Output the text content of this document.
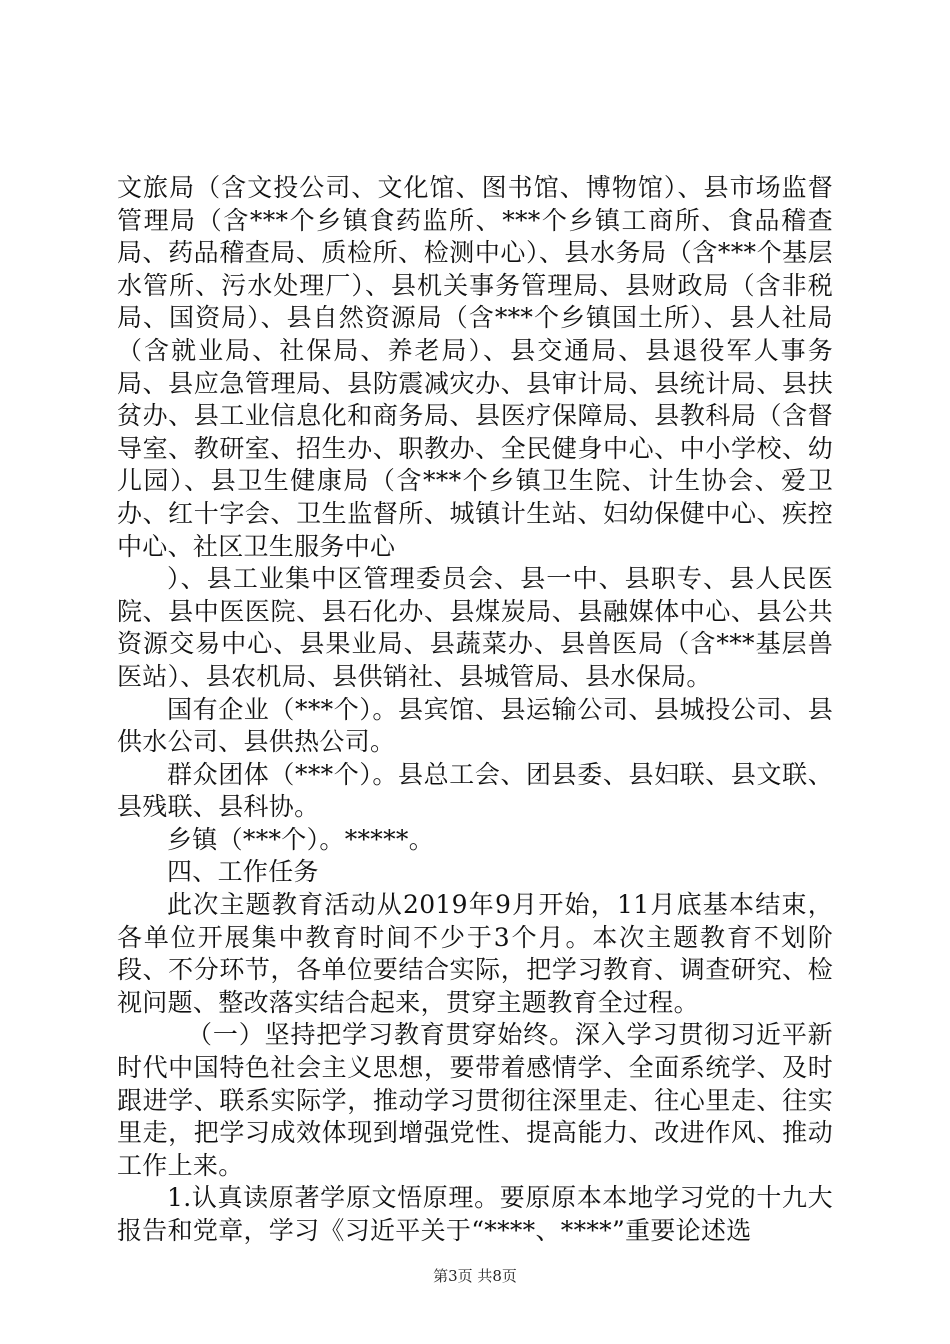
文旅局（含文投公司、文化馆、图书馆、博物馆）、县市场监督管理局（含***个乡镇食药监所、***个乡镇工商所、食品稽查局、药品稽查局、质检所、检测中心）、县水务局（含***个基层水管所、污水处理厂）、县机关事务管理局、县财政局（含非税局、国资局）、县自然资源局（含***个乡镇国土所）、县人社局（含就业局、社保局、养老局）、县交通局、县退役军人事务局、县应急管理局、县防震减灾办、县审计局、县统计局、县扶贫办、县工业信息化和商务局、县医疗保障局、县教科局（含督导室、教研室、招生办、职教办、全民健身中心、中小学校、幼儿园）、县卫生健康局（含***个乡镇卫生院、计生协会、爱卫办、红十字会、卫生监督所、城镇计生站、妇幼保健中心、疾控中心、社区卫生服务中心

）、县工业集中区管理委员会、县一中、县职专、县人民医院、县中医医院、县石化办、县煤炭局、县融媒体中心、县公共资源交易中心、县果业局、县蔬菜办、县兽医局（含***基层兽医站）、县农机局、县供销社、县城管局、县水保局。

国有企业（***个）。县宾馆、县运输公司、县城投公司、县供水公司、县供热公司。

群众团体（***个）。县总工会、团县委、县妇联、县文联、县残联、县科协。

乡镇（***个）。*****。

四、工作任务

此次主题教育活动从2019年9月开始，11月底基本结束，各单位开展集中教育时间不少于3个月。本次主题教育不划阶段、不分环节，各单位要结合实际，把学习教育、调查研究、检视问题、整改落实结合起来，贯穿主题教育全过程。

（一）坚持把学习教育贯穿始终。深入学习贯彻习近平新时代中国特色社会主义思想，要带着感情学、全面系统学、及时跟进学、联系实际学，推动学习贯彻往深里走、往心里走、往实里走，把学习成效体现到增强党性、提高能力、改进作风、推动工作上来。

1.认真读原著学原文悟原理。要原原本本地学习党的十九大报告和党章，学习《习近平关于“****、****”重要论述选

第3页 共8页
